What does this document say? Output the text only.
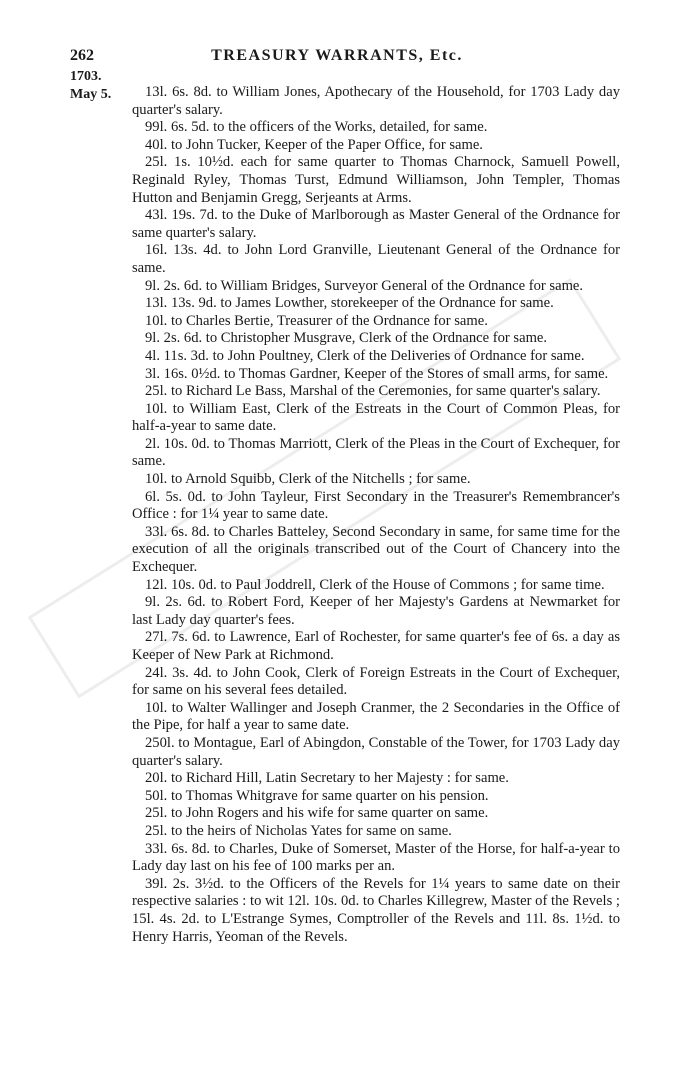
262	TREASURY WARRANTS, Etc.
1703.
May 5.	13l. 6s. 8d. to William Jones, Apothecary of the Household, for 1703 Lady day quarter's salary.

99l. 6s. 5d. to the officers of the Works, detailed, for same.

40l. to John Tucker, Keeper of the Paper Office, for same.

25l. 1s. 10½d. each for same quarter to Thomas Charnock, Samuell Powell, Reginald Ryley, Thomas Turst, Edmund Williamson, John Templer, Thomas Hutton and Benjamin Gregg, Serjeants at Arms.

43l. 19s. 7d. to the Duke of Marlborough as Master General of the Ordnance for same quarter's salary.

16l. 13s. 4d. to John Lord Granville, Lieutenant General of the Ordnance for same.

9l. 2s. 6d. to William Bridges, Surveyor General of the Ordnance for same.

13l. 13s. 9d. to James Lowther, storekeeper of the Ordnance for same.

10l. to Charles Bertie, Treasurer of the Ordnance for same.

9l. 2s. 6d. to Christopher Musgrave, Clerk of the Ordnance for same.

4l. 11s. 3d. to John Poultney, Clerk of the Deliveries of Ordnance for same.

3l. 16s. 0½d. to Thomas Gardner, Keeper of the Stores of small arms, for same.

25l. to Richard Le Bass, Marshal of the Ceremonies, for same quarter's salary.

10l. to William East, Clerk of the Estreats in the Court of Common Pleas, for half-a-year to same date.

2l. 10s. 0d. to Thomas Marriott, Clerk of the Pleas in the Court of Exchequer, for same.

10l. to Arnold Squibb, Clerk of the Nitchells ; for same.

6l. 5s. 0d. to John Tayleur, First Secondary in the Treasurer's Remembrancer's Office : for 1¼ year to same date.

33l. 6s. 8d. to Charles Batteley, Second Secondary in same, for same time for the execution of all the originals transcribed out of the Court of Chancery into the Exchequer.

12l. 10s. 0d. to Paul Joddrell, Clerk of the House of Commons ; for same time.

9l. 2s. 6d. to Robert Ford, Keeper of her Majesty's Gardens at Newmarket for last Lady day quarter's fees.

27l. 7s. 6d. to Lawrence, Earl of Rochester, for same quarter's fee of 6s. a day as Keeper of New Park at Richmond.

24l. 3s. 4d. to John Cook, Clerk of Foreign Estreats in the Court of Exchequer, for same on his several fees detailed.

10l. to Walter Wallinger and Joseph Cranmer, the 2 Secondaries in the Office of the Pipe, for half a year to same date.

250l. to Montague, Earl of Abingdon, Constable of the Tower, for 1703 Lady day quarter's salary.

20l. to Richard Hill, Latin Secretary to her Majesty : for same.

50l. to Thomas Whitgrave for same quarter on his pension.

25l. to John Rogers and his wife for same quarter on same.

25l. to the heirs of Nicholas Yates for same on same.

33l. 6s. 8d. to Charles, Duke of Somerset, Master of the Horse, for half-a-year to Lady day last on his fee of 100 marks per an.

39l. 2s. 3½d. to the Officers of the Revels for 1¼ years to same date on their respective salaries : to wit 12l. 10s. 0d. to Charles Killegrew, Master of the Revels ; 15l. 4s. 2d. to L'Estrange Symes, Comptroller of the Revels and 11l. 8s. 1½d. to Henry Harris, Yeoman of the Revels.
